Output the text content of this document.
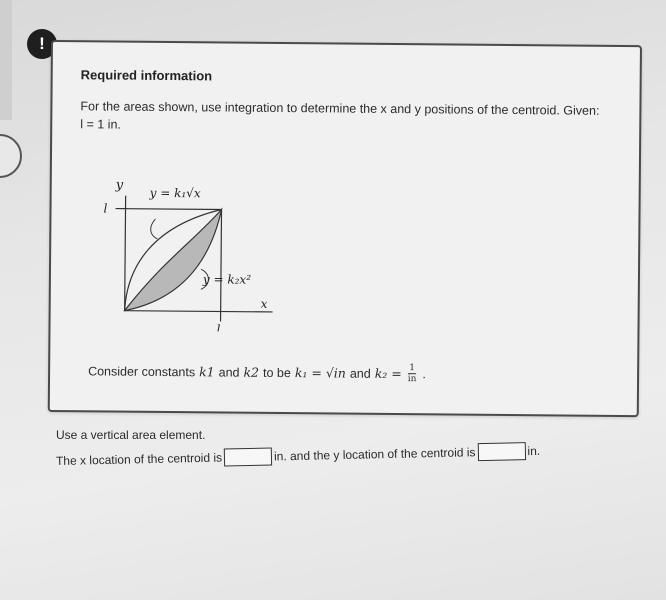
!
Required information
For the areas shown, use integration to determine the x and y positions of the centroid. Given: l = 1 in.
y
l
y = k₁√x
y = k₂x²
x
l
Consider constants k1 and k2 to be k₁ = √in and $k_2 = \frac{1}{in}$ .
Use a vertical area element.
The x location of the centroid is	in. and the y location of the centroid is	in.
